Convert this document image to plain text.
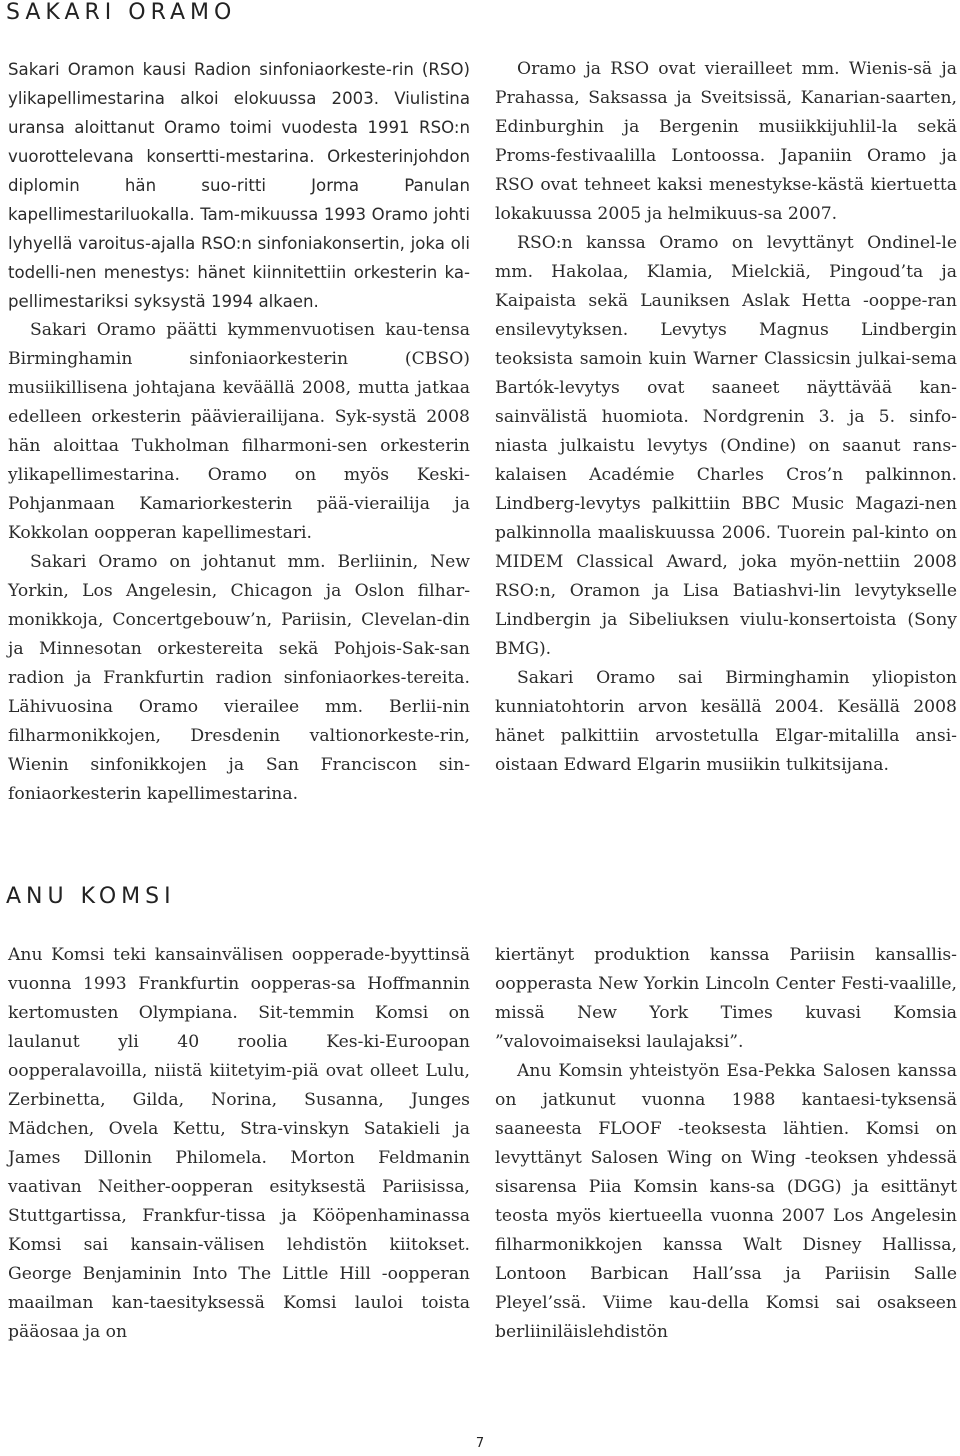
SAKARI ORAMO

Sakari Oramon kausi Radion sinfoniaorkeste-rin (RSO) ylikapellimestarina alkoi elokuussa 2003. Viulistina uransa aloittanut Oramo toimi vuodesta 1991 RSO:n vuorottelevana konsertti-mestarina. Orkesterinjohdon diplomin hän suo-ritti Jorma Panulan kapellimestariluokalla. Tam-mikuussa 1993 Oramo johti lyhyellä varoitus-ajalla RSO:n sinfoniakonsertin, joka oli todelli-nen menestys: hänet kiinnitettiin orkesterin ka-pellimestariksi syksystä 1994 alkaen.

Sakari Oramo päätti kymmenvuotisen kau-tensa Birminghamin sinfoniaorkesterin (CBSO) musiikillisena johtajana keväällä 2008, mutta jatkaa edelleen orkesterin päävierailijana. Syk-systä 2008 hän aloittaa Tukholman filharmoni-sen orkesterin ylikapellimestarina. Oramo on myös Keski-Pohjanmaan Kamariorkesterin pää-vierailija ja Kokkolan oopperan kapellimestari.

Sakari Oramo on johtanut mm. Berliinin, New Yorkin, Los Angelesin, Chicagon ja Oslon filhar-monikkoja, Concertgebouw’n, Pariisin, Clevelan-din ja Minnesotan orkestereita sekä Pohjois-Sak-san radion ja Frankfurtin radion sinfoniaorkes-tereita. Lähivuosina Oramo vierailee mm. Berlii-nin filharmonikkojen, Dresdenin valtionorkeste-rin, Wienin sinfonikkojen ja San Franciscon sin-foniaorkesterin kapellimestarina.

Oramo ja RSO ovat vierailleet mm. Wienis-sä ja Prahassa, Saksassa ja Sveitsissä, Kanarian-saarten, Edinburghin ja Bergenin musiikkijuhlil-la sekä Proms-festivaalilla Lontoossa. Japaniin Oramo ja RSO ovat tehneet kaksi menestykse-kästä kiertuetta lokakuussa 2005 ja helmikuus-sa 2007.

RSO:n kanssa Oramo on levyttänyt Ondinel-le mm. Hakolaa, Klamia, Mielckiä, Pingoud’ta ja Kaipaista sekä Launiksen Aslak Hetta -ooppe-ran ensilevytyksen. Levytys Magnus Lindbergin teoksista samoin kuin Warner Classicsin julkai-sema Bartók-levytys ovat saaneet näyttävää kan-sainvälistä huomiota. Nordgrenin 3. ja 5. sinfo-niasta julkaistu levytys (Ondine) on saanut rans-kalaisen Académie Charles Cros’n palkinnon. Lindberg-levytys palkittiin BBC Music Magazi-nen palkinnolla maaliskuussa 2006. Tuorein pal-kinto on MIDEM Classical Award, joka myön-nettiin 2008 RSO:n, Oramon ja Lisa Batiashvi-lin levytykselle Lindbergin ja Sibeliuksen viulu-konsertoista (Sony BMG).

Sakari Oramo sai Birminghamin yliopiston kunniatohtorin arvon kesällä 2004. Kesällä 2008 hänet palkittiin arvostetulla Elgar-mitalilla ansi-oistaan Edward Elgarin musiikin tulkitsijana.

ANU KOMSI

Anu Komsi teki kansainvälisen oopperade-byyttinsä vuonna 1993 Frankfurtin oopperas-sa Hoffmannin kertomusten Olympiana. Sit-temmin Komsi on laulanut yli 40 roolia Kes-ki-Euroopan oopperalavoilla, niistä kiitetyim-piä ovat olleet Lulu, Zerbinetta, Gilda, Norina, Susanna, Junges Mädchen, Ovela Kettu, Stra-vinskyn Satakieli ja James Dillonin Philomela. Morton Feldmanin vaativan Neither-oopperan esityksestä Pariisissa, Stuttgartissa, Frankfur-tissa ja Kööpenhaminassa Komsi sai kansain-välisen lehdistön kiitokset. George Benjaminin Into The Little Hill -oopperan maailman kan-taesityksessä Komsi lauloi toista pääosaa ja on

kiertänyt produktion kanssa Pariisin kansallis-oopperasta New Yorkin Lincoln Center Festi-vaalille, missä New York Times kuvasi Komsia ”valovoimaiseksi laulajaksi”.

Anu Komsin yhteistyön Esa-Pekka Salosen kanssa on jatkunut vuonna 1988 kantaesi-tyksensä saaneesta FLOOF -teoksesta lähtien. Komsi on levyttänyt Salosen Wing on Wing -teoksen yhdessä sisarensa Piia Komsin kans-sa (DGG) ja esittänyt teosta myös kiertueella vuonna 2007 Los Angelesin filharmonikkojen kanssa Walt Disney Hallissa, Lontoon Barbican Hall’ssa ja Pariisin Salle Pleyel’ssä. Viime kau-della Komsi sai osakseen berliiniläislehdistön

7
